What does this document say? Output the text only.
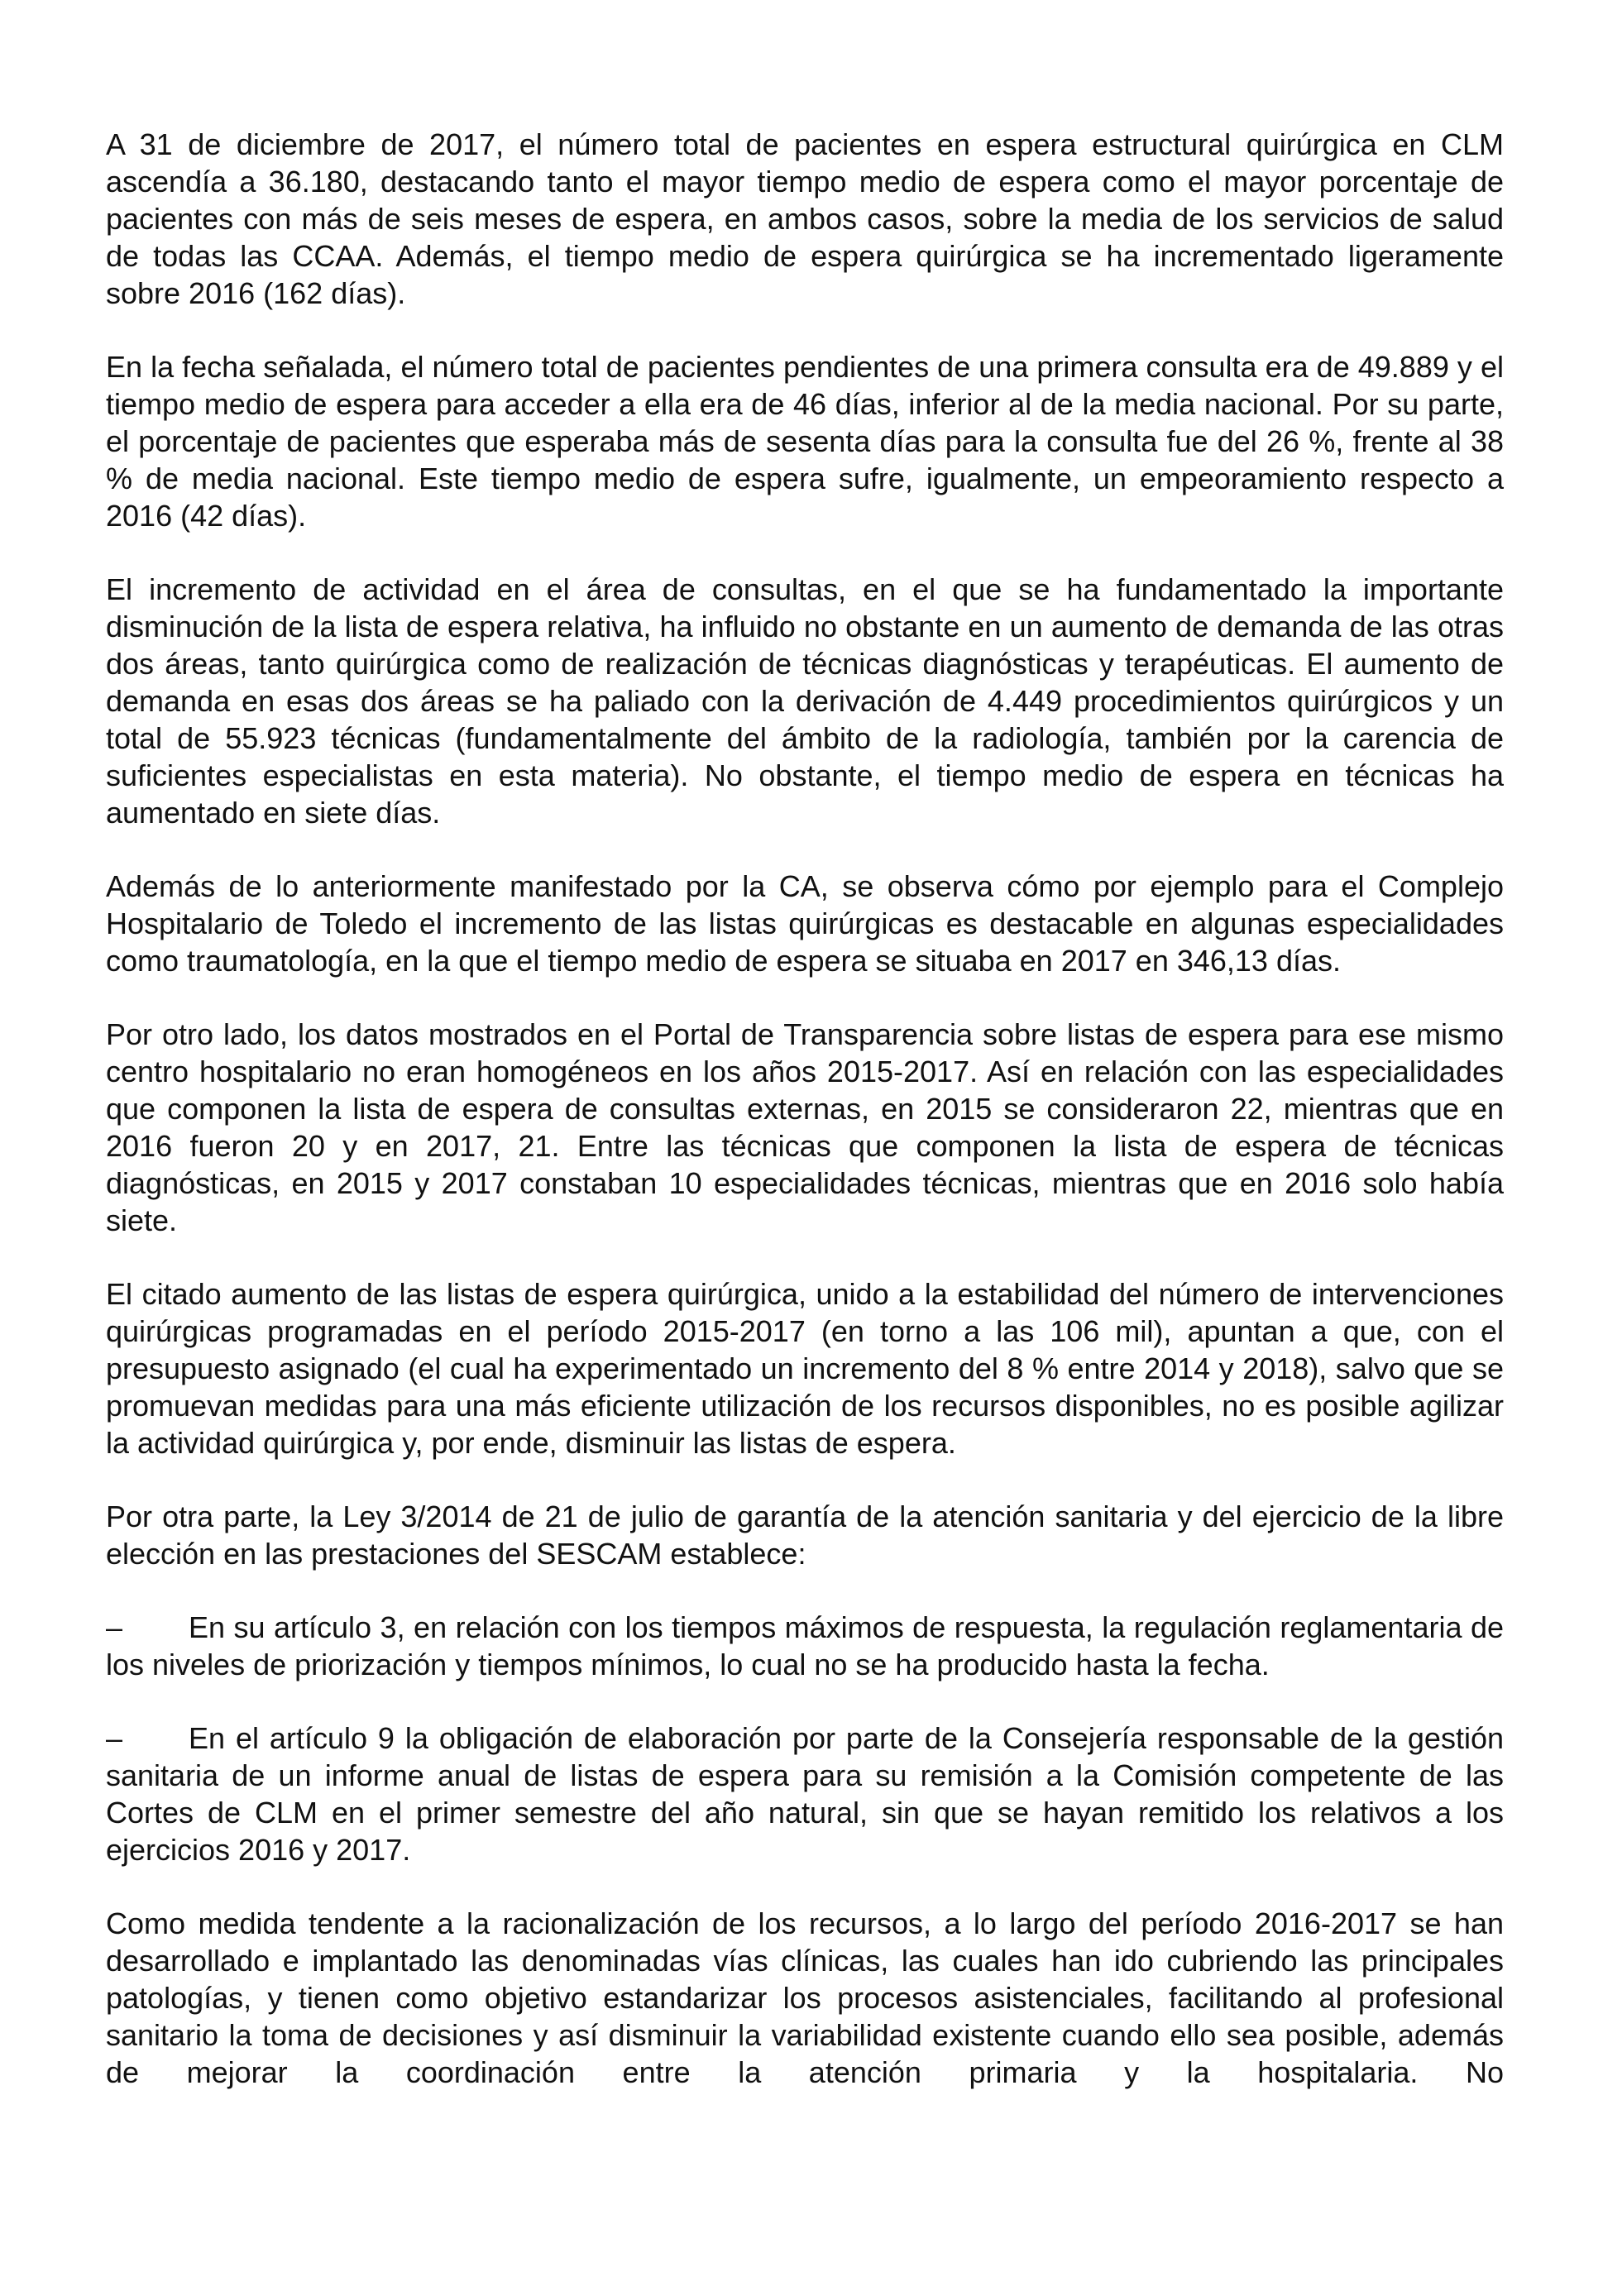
A 31 de diciembre de 2017, el número total de pacientes en espera estructural quirúrgica en CLM ascendía a 36.180, destacando tanto el mayor tiempo medio de espera como el mayor porcentaje de pacientes con más de seis meses de espera, en ambos casos, sobre la media de los servicios de salud de todas las CCAA. Además, el tiempo medio de espera quirúrgica se ha incrementado ligeramente sobre 2016 (162 días).

En la fecha señalada, el número total de pacientes pendientes de una primera consulta era de 49.889 y el tiempo medio de espera para acceder a ella era de 46 días, inferior al de la media nacional. Por su parte, el porcentaje de pacientes que esperaba más de sesenta días para la consulta fue del 26 %, frente al 38 % de media nacional. Este tiempo medio de espera sufre, igualmente, un empeoramiento respecto a 2016 (42 días).

El incremento de actividad en el área de consultas, en el que se ha fundamentado la importante disminución de la lista de espera relativa, ha influido no obstante en un aumento de demanda de las otras dos áreas, tanto quirúrgica como de realización de técnicas diagnósticas y terapéuticas. El aumento de demanda en esas dos áreas se ha paliado con la derivación de 4.449 procedimientos quirúrgicos y un total de 55.923 técnicas (fundamentalmente del ámbito de la radiología, también por la carencia de suficientes especialistas en esta materia). No obstante, el tiempo medio de espera en técnicas ha aumentado en siete días.

Además de lo anteriormente manifestado por la CA, se observa cómo por ejemplo para el Complejo Hospitalario de Toledo el incremento de las listas quirúrgicas es destacable en algunas especialidades como traumatología, en la que el tiempo medio de espera se situaba en 2017 en 346,13 días.

Por otro lado, los datos mostrados en el Portal de Transparencia sobre listas de espera para ese mismo centro hospitalario no eran homogéneos en los años 2015-2017. Así en relación con las especialidades que componen la lista de espera de consultas externas, en 2015 se consideraron 22, mientras que en 2016 fueron 20 y en 2017, 21. Entre las técnicas que componen la lista de espera de técnicas diagnósticas, en 2015 y 2017 constaban 10 especialidades técnicas, mientras que en 2016 solo había siete.

El citado aumento de las listas de espera quirúrgica, unido a la estabilidad del número de intervenciones quirúrgicas programadas en el período 2015-2017 (en torno a las 106 mil), apuntan a que, con el presupuesto asignado (el cual ha experimentado un incremento del 8 % entre 2014 y 2018), salvo que se promuevan medidas para una más eficiente utilización de los recursos disponibles, no es posible agilizar la actividad quirúrgica y, por ende, disminuir las listas de espera.

Por otra parte, la Ley 3/2014 de 21 de julio de garantía de la atención sanitaria y del ejercicio de la libre elección en las prestaciones del SESCAM establece:

– En su artículo 3, en relación con los tiempos máximos de respuesta, la regulación reglamentaria de los niveles de priorización y tiempos mínimos, lo cual no se ha producido hasta la fecha.
– En el artículo 9 la obligación de elaboración por parte de la Consejería responsable de la gestión sanitaria de un informe anual de listas de espera para su remisión a la Comisión competente de las Cortes de CLM en el primer semestre del año natural, sin que se hayan remitido los relativos a los ejercicios 2016 y 2017.

Como medida tendente a la racionalización de los recursos, a lo largo del período 2016-2017 se han desarrollado e implantado las denominadas vías clínicas, las cuales han ido cubriendo las principales patologías, y tienen como objetivo estandarizar los procesos asistenciales, facilitando al profesional sanitario la toma de decisiones y así disminuir la variabilidad existente cuando ello sea posible, además de mejorar la coordinación entre la atención primaria y la hospitalaria. No
